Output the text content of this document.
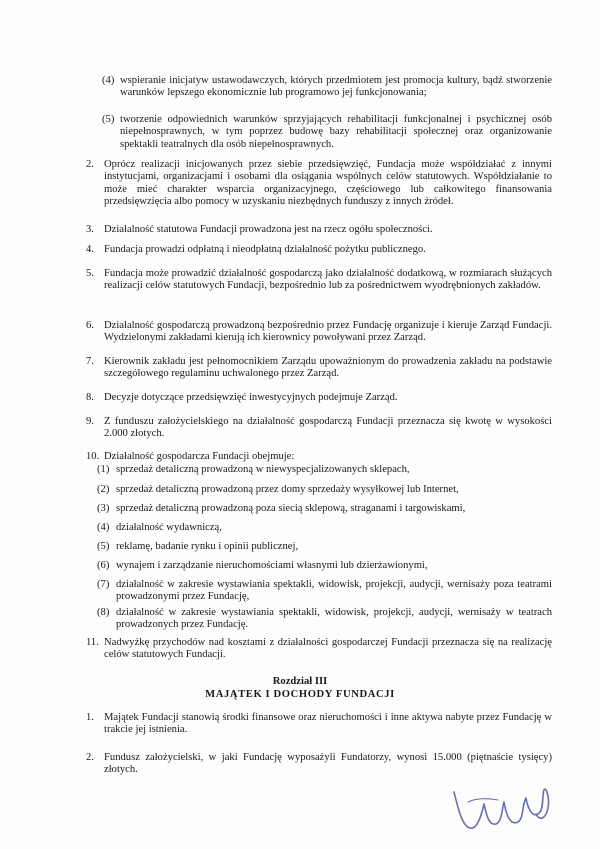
(4) wspieranie inicjatyw ustawodawczych, których przedmiotem jest promocja kultury, bądź stworzenie warunków lepszego ekonomicznie lub programowo jej funkcjonowania;
(5) tworzenie odpowiednich warunków sprzyjających rehabilitacji funkcjonalnej i psychicznej osób niepełnosprawnych, w tym poprzez budowę bazy rehabilitacji społecznej oraz organizowanie spektakli teatralnych dla osób niepełnosprawnych.
2. Oprócz realizacji inicjowanych przez siebie przedsięwzięć, Fundacja może współdziałać z innymi instytucjami, organizacjami i osobami dla osiągania wspólnych celów statutowych. Współdziałanie to może mieć charakter wsparcia organizacyjnego, częściowego lub całkowitego finansowania przedsięwzięcia albo pomocy w uzyskaniu niezbędnych funduszy z innych źródeł.
3. Działalność statutowa Fundacji prowadzona jest na rzecz ogółu społeczności.
4. Fundacja prowadzi odpłatną i nieodpłatną działalność pożytku publicznego.
5. Fundacja może prowadzić działalność gospodarczą jako działalność dodatkową, w rozmiarach służących realizacji celów statutowych Fundacji, bezpośrednio lub za pośrednictwem wyodrębnionych zakładów.
6. Działalność gospodarczą prowadzoną bezpośrednio przez Fundację organizuje i kieruje Zarząd Fundacji. Wydzielonymi zakładami kierują ich kierownicy powoływani przez Zarząd.
7. Kierownik zakładu jest pełnomocnikiem Zarządu upoważnionym do prowadzenia zakładu na podstawie szczegółowego regulaminu uchwalonego przez Zarząd.
8. Decyzje dotyczące przedsięwzięć inwestycyjnych podejmuje Zarząd.
9. Z funduszu założycielskiego na działalność gospodarczą Fundacji przeznacza się kwotę w wysokości 2.000 złotych.
10. Działalność gospodarcza Fundacji obejmuje:
(1) sprzedaż detaliczną prowadzoną w niewyspecjalizowanych sklepach,
(2) sprzedaż detaliczną prowadzoną przez domy sprzedaży wysyłkowej lub Internet,
(3) sprzedaż detaliczną prowadzoną poza siecią sklepową, straganami i targowiskami,
(4) działalność wydawniczą,
(5) reklamę, badanie rynku i opinii publicznej,
(6) wynajem i zarządzanie nieruchomościami własnymi lub dzierżawionymi,
(7) działalność w zakresie wystawiania spektakli, widowisk, projekcji, audycji, wernisaży poza teatrami prowadzonymi przez Fundację,
(8) działalność w zakresie wystawiania spektakli, widowisk, projekcji, audycji, wernisaży w teatrach prowadzonych przez Fundację.
11. Nadwyżkę przychodów nad kosztami z działalności gospodarczej Fundacji przeznacza się na realizację celów statutowych Fundacji.
Rozdział III
MAJĄTEK I DOCHODY FUNDACJI
1. Majątek Fundacji stanowią środki finansowe oraz nieruchomości i inne aktywa nabyte przez Fundację w trakcie jej istnienia.
2. Fundusz założycielski, w jaki Fundację wyposażyli Fundatorzy, wynosi 15.000 (piętnaście tysięcy) złotych.
